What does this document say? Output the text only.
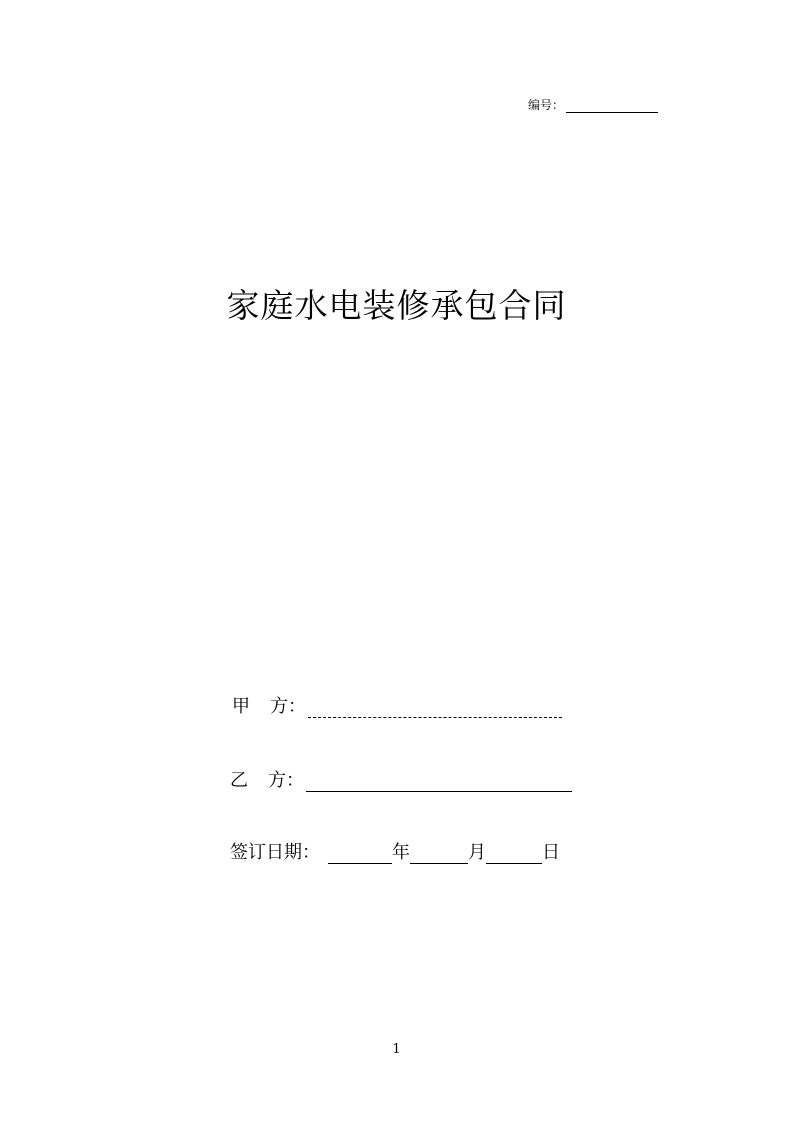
编号：
家庭水电装修承包合同
甲 方：
乙 方：
签订日期：	年	月	日
1
